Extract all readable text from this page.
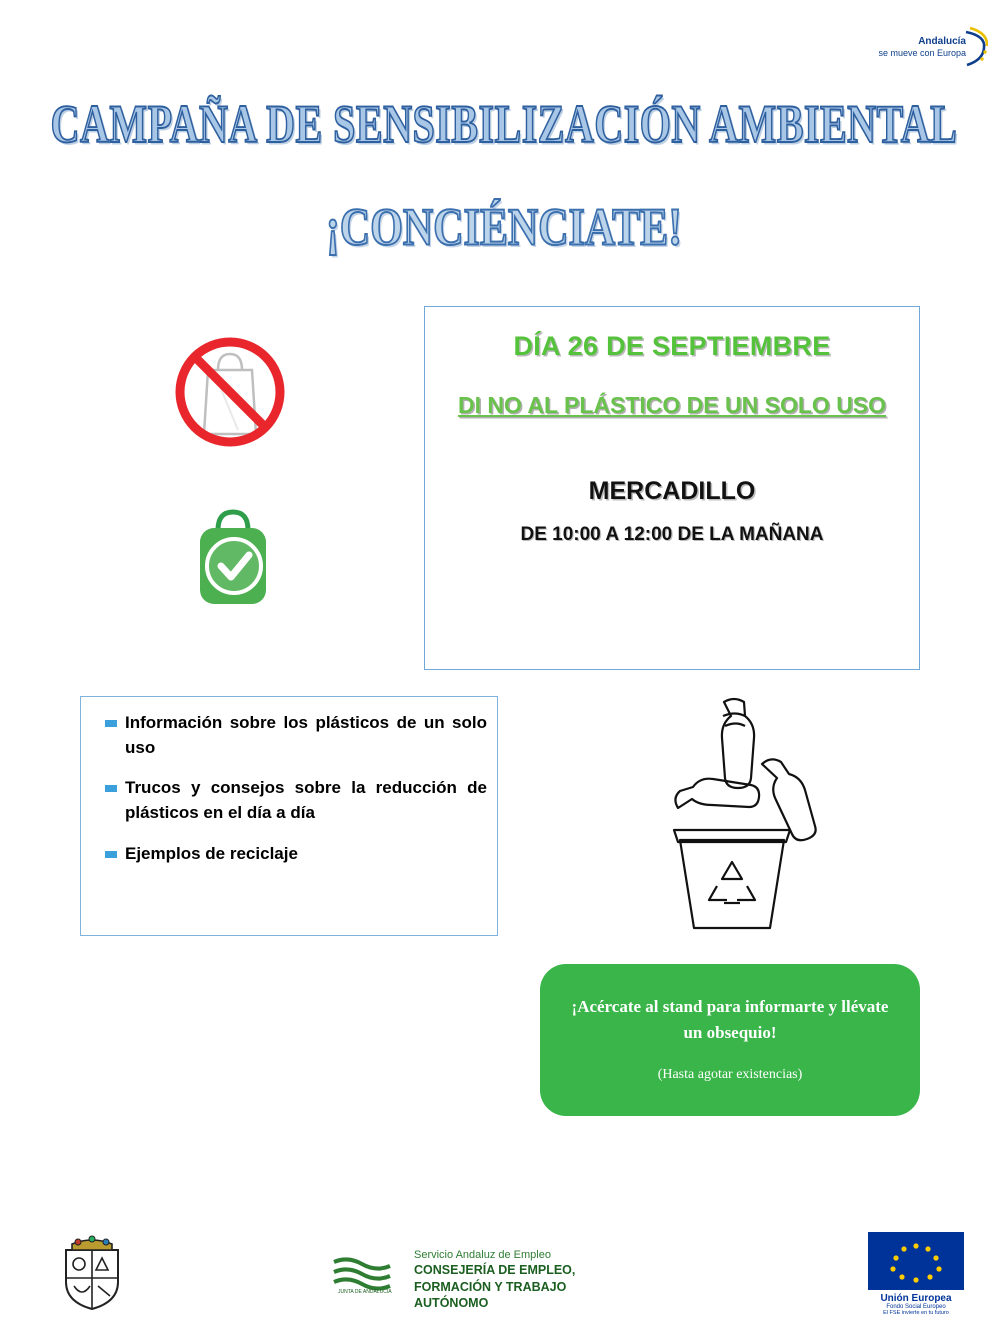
Andalucía
se mueve con Europa
CAMPAÑA DE SENSIBILIZACIÓN AMBIENTAL
¡CONCIÉNCIATE!
DÍA 26 DE SEPTIEMBRE
DI NO AL PLÁSTICO DE UN SOLO USO
MERCADILLO
DE 10:00 A 12:00 DE LA MAÑANA
Información sobre los plásticos de un solo uso
Trucos y consejos sobre la reducción de plásticos en el día a día
Ejemplos de reciclaje
¡Acércate al stand para informarte y llévate un obsequio!
(Hasta agotar existencias)
JUNTA DE ANDALUCIA
Servicio Andaluz de Empleo
CONSEJERÍA DE EMPLEO,
FORMACIÓN Y TRABAJO AUTÓNOMO	Unión Europea
Fondo Social Europeo
El FSE invierte en tu futuro
